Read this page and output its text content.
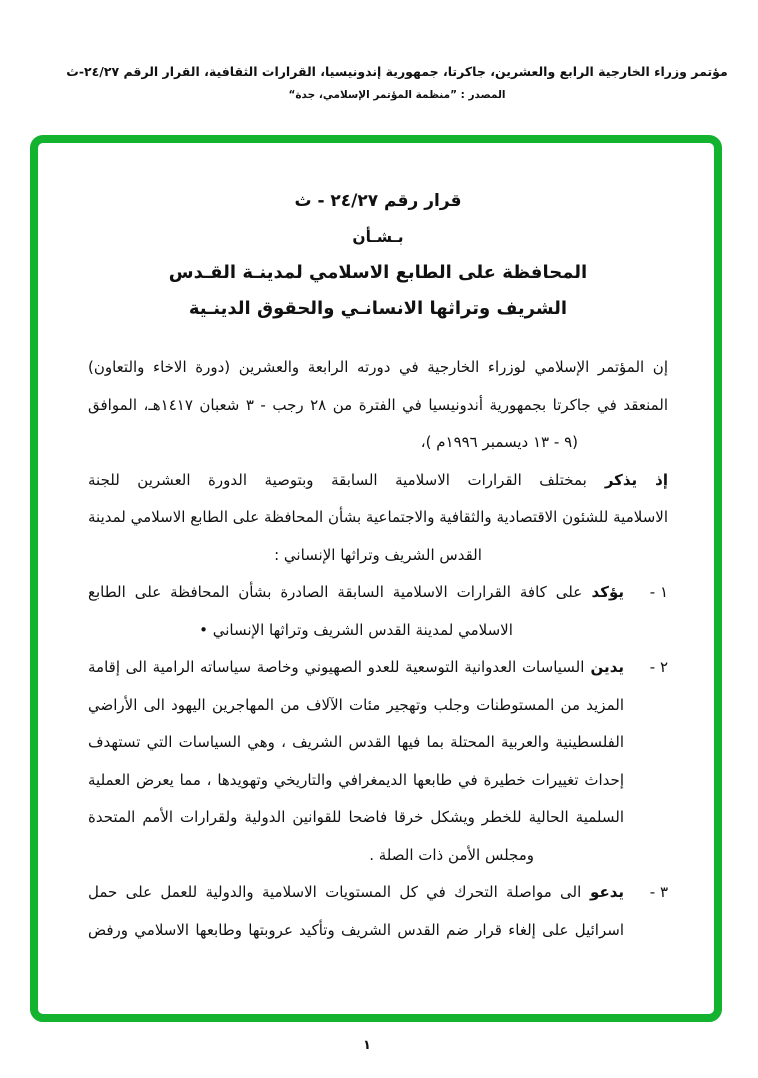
مؤتمر وزراء الخارجية الرابع والعشرين، جاكرتا، جمهورية إندونيسيا، القرارات الثقافية، القرار الرقم ٢٤/٢٧-ث
المصدر : ”منظمة المؤتمر الإسلامي، جدة“
قرار رقم ٢٤/٢٧ - ث
بـشـأن
المحافظة على الطابع الاسلامي لمدينـة القـدس
الشريف وتراثها الانسانـي والحقوق الدينـية
إن المؤتمر الإسلامي لوزراء الخارجية في دورته الرابعة والعشرين (دورة الاخاء والتعاون)
المنعقد في جاكرتا بجمهورية أندونيسيا في الفترة من ٢٨ رجب - ٣ شعبان ١٤١٧هـ، الموافق
(٩ - ١٣ ديسمبر ١٩٩٦م )،
إذ يذكر بمختلف القرارات الاسلامية السابقة وبتوصية الدورة العشرين للجنة
الاسلامية للشئون الاقتصادية والثقافية والاجتماعية بشأن المحافظة على الطابع الاسلامي لمدينة
القدس الشريف وتراثها الإنساني :
١ -
يؤكد على كافة القرارات الاسلامية السابقة الصادرة بشأن المحافظة على الطابع
الاسلامي لمدينة القدس الشريف وتراثها الإنساني •
٢ -
يدين السياسات العدوانية التوسعية للعدو الصهيوني وخاصة سياساته الرامية الى إقامة
المزيد من المستوطنات وجلب وتهجير مئات الآلاف من المهاجرين اليهود الى الأراضي
الفلسطينية والعربية المحتلة بما فيها القدس الشريف ، وهي السياسات التي تستهدف
إحداث تغييرات خطيرة في طابعها الديمغرافي والتاريخي وتهويدها ، مما يعرض العملية
السلمية الحالية للخطر ويشكل خرقا فاضحا للقوانين الدولية ولقرارات الأمم المتحدة
ومجلس الأمن ذات الصلة .
٣ -
يدعو الى مواصلة التحرك في كل المستويات الاسلامية والدولية للعمل على حمل
اسرائيل على إلغاء قرار ضم القدس الشريف وتأكيد عروبتها وطابعها الاسلامي ورفض
١
